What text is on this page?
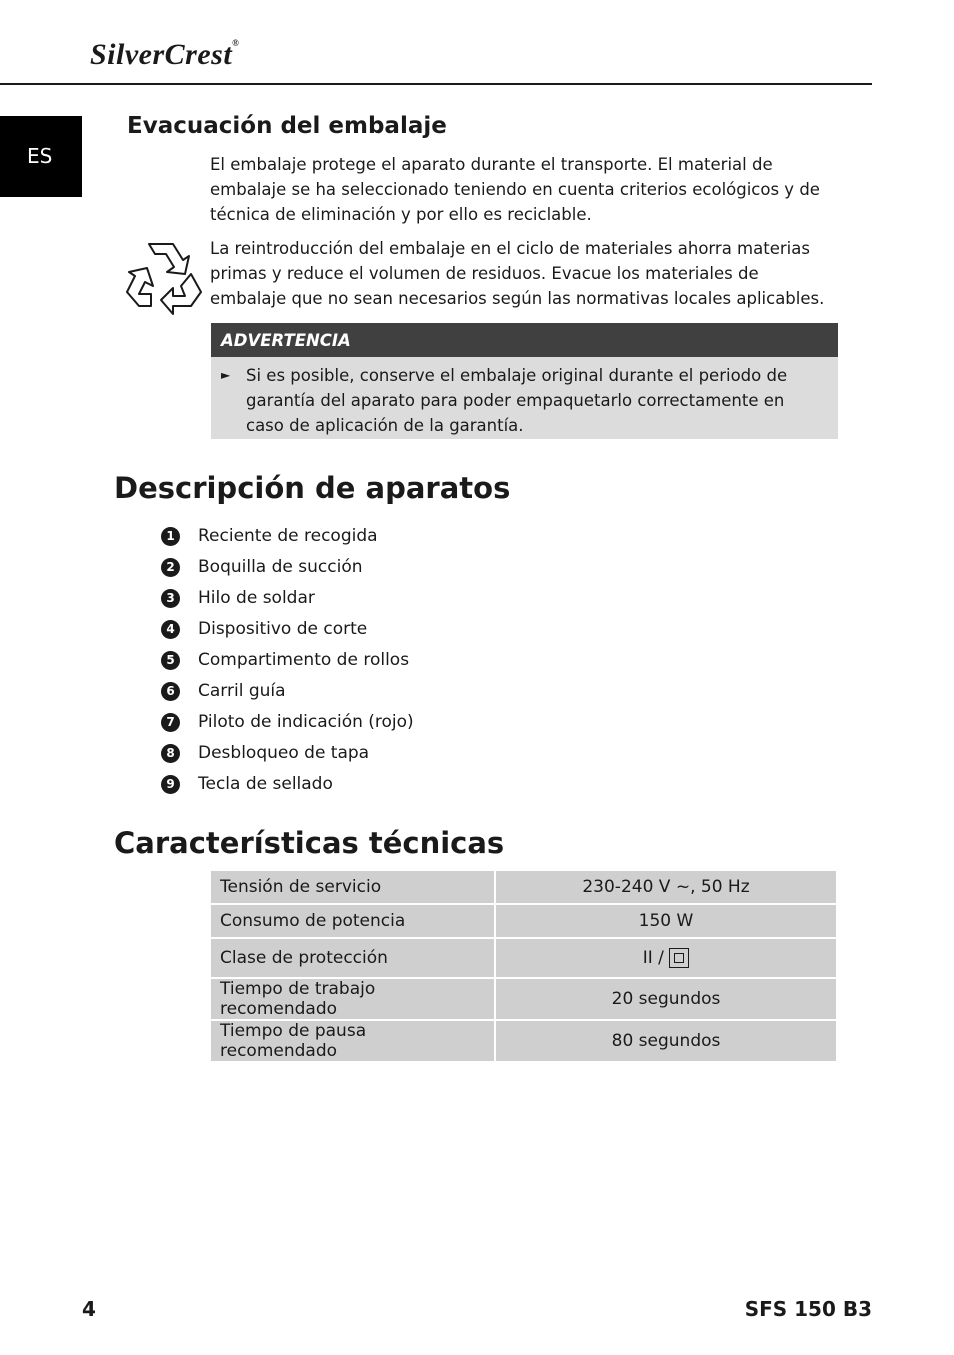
SilverCrest®
ES
Evacuación del embalaje

El embalaje protege el aparato durante el transporte. El material de embalaje se ha seleccionado teniendo en cuenta criterios ecológicos y de técnica de eliminación y por ello es reciclable.

La reintroducción del embalaje en el ciclo de materiales ahorra materias primas y reduce el volumen de residuos. Evacue los materiales de embalaje que no sean necesarios según las normativas locales aplicables.

ADVERTENCIA
► Si es posible, conserve el embalaje original durante el periodo de garantía del aparato para poder empaquetarlo correctamente en caso de aplicación de la garantía.
Descripción de aparatos
1	Reciente de recogida
2	Boquilla de succión
3	Hilo de soldar
4	Dispositivo de corte
5	Compartimento de rollos
6	Carril guía
7	Piloto de indicación (rojo)
8	Desbloqueo de tapa
9	Tecla de sellado
Características técnicas
Tensión de servicio	230-240 V ~, 50 Hz
Consumo de potencia	150 W
Clase de protección	II /
Tiempo de trabajo recomendado	20 segundos
Tiempo de pausa recomendado	80 segundos
4	SFS 150 B3
